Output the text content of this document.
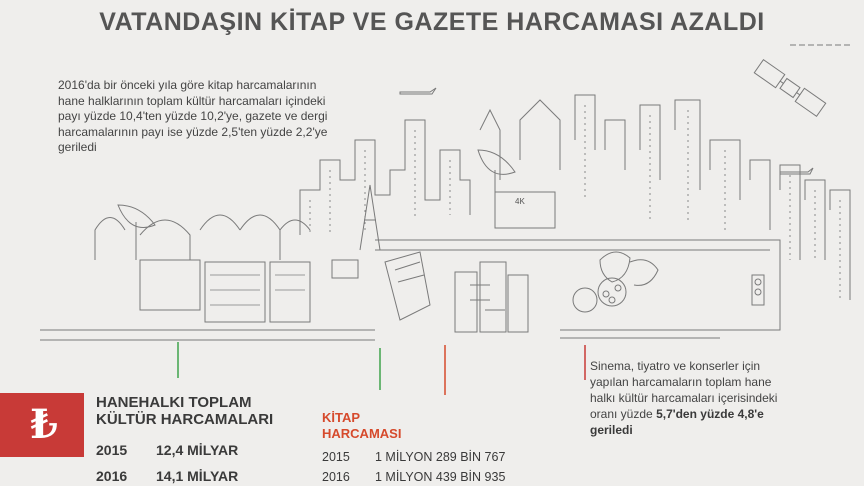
VATANDAŞIN KİTAP VE GAZETE HARCAMASI AZALDI
4K
2016'da bir önceki yıla göre kitap harcamalarının hane halklarının toplam kültür harcamaları içindeki payı yüzde 10,4'ten yüzde 10,2'ye, gazete ve dergi harcamalarının payı ise yüzde 2,5'ten yüzde 2,2'ye geriledi
₺	HANEHALKI TOPLAM
KÜLTÜR HARCAMALARI
2015 12,4 MİLYAR
2016 14,1 MİLYAR
KİTAP
HARCAMASI
2015 1 MİLYON 289 BİN 767
2016 1 MİLYON 439 BİN 935
Sinema, tiyatro ve konserler için yapılan harcamaların toplam hane halkı kültür harcamaları içerisindeki oranı yüzde 5,7'den yüzde 4,8'e geriledi
